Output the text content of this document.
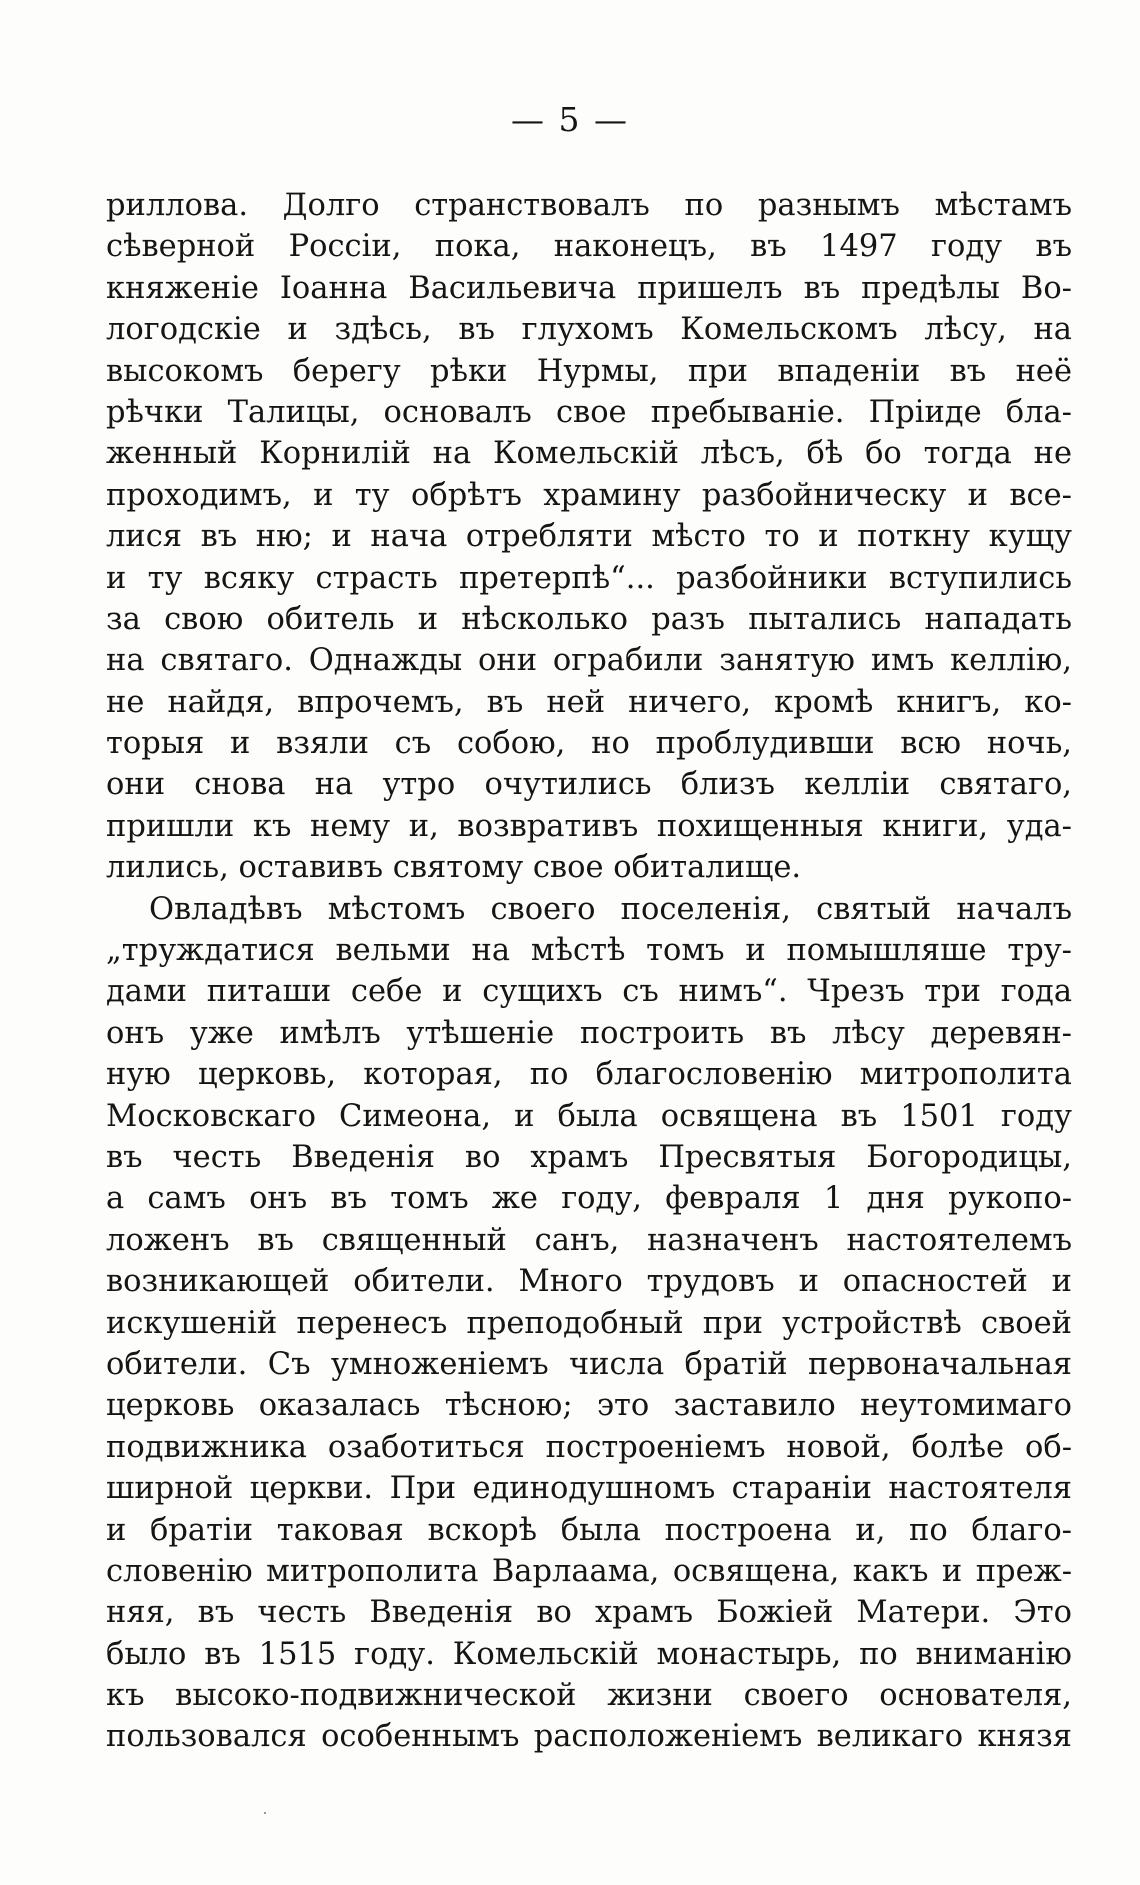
— 5 —
риллова. Долго странствовалъ по разнымъ мѣстамъ
сѣверной Россіи, пока, наконецъ, въ 1497 году въ
княженіе Іоанна Васильевича пришелъ въ предѣлы Во-
логодскіе и здѣсь, въ глухомъ Комельскомъ лѣсу, на
высокомъ берегу рѣки Нурмы, при впаденіи въ неё
рѣчки Талицы, основалъ свое пребываніе. Пріиде бла-
женный Корнилій на Комельскій лѣсъ, бѣ бо тогда не
проходимъ, и ту обрѣтъ храмину разбойническу и все-
лися въ ню; и нача отребляти мѣсто то и поткну кущу
и ту всяку страсть претерпѣ“... разбойники вступились
за свою обитель и нѣсколько разъ пытались нападать
на святаго. Однажды они ограбили занятую имъ келлію,
не найдя, впрочемъ, въ ней ничего, кромѣ книгъ, ко-
торыя и взяли съ собою, но проблудивши всю ночь,
они снова на утро очутились близъ келліи святаго,
пришли къ нему и, возвративъ похищенныя книги, уда-
лились, оставивъ святому свое обиталище.
Овладѣвъ мѣстомъ своего поселенія, святый началъ
„труждатися вельми на мѣстѣ томъ и помышляше тру-
дами питаши себе и сущихъ съ нимъ“. Чрезъ три года
онъ уже имѣлъ утѣшеніе построить въ лѣсу деревян-
ную церковь, которая, по благословенію митрополита
Московскаго Симеона, и была освящена въ 1501 году
въ честь Введенія во храмъ Пресвятыя Богородицы,
а самъ онъ въ томъ же году, февраля 1 дня рукопо-
ложенъ въ священный санъ, назначенъ настоятелемъ
возникающей обители. Много трудовъ и опасностей и
искушеній перенесъ преподобный при устройствѣ своей
обители. Съ умноженіемъ числа братій первоначальная
церковь оказалась тѣсною; это заставило неутомимаго
подвижника озаботиться построеніемъ новой, болѣе об-
ширной церкви. При единодушномъ стараніи настоятеля
и братіи таковая вскорѣ была построена и, по благо-
словенію митрополита Варлаама, освящена, какъ и преж-
няя, въ честь Введенія во храмъ Божіей Матери. Это
было въ 1515 году. Комельскій монастырь, по вниманію
къ высоко-подвижнической жизни своего основателя,
пользовался особеннымъ расположеніемъ великаго князя
